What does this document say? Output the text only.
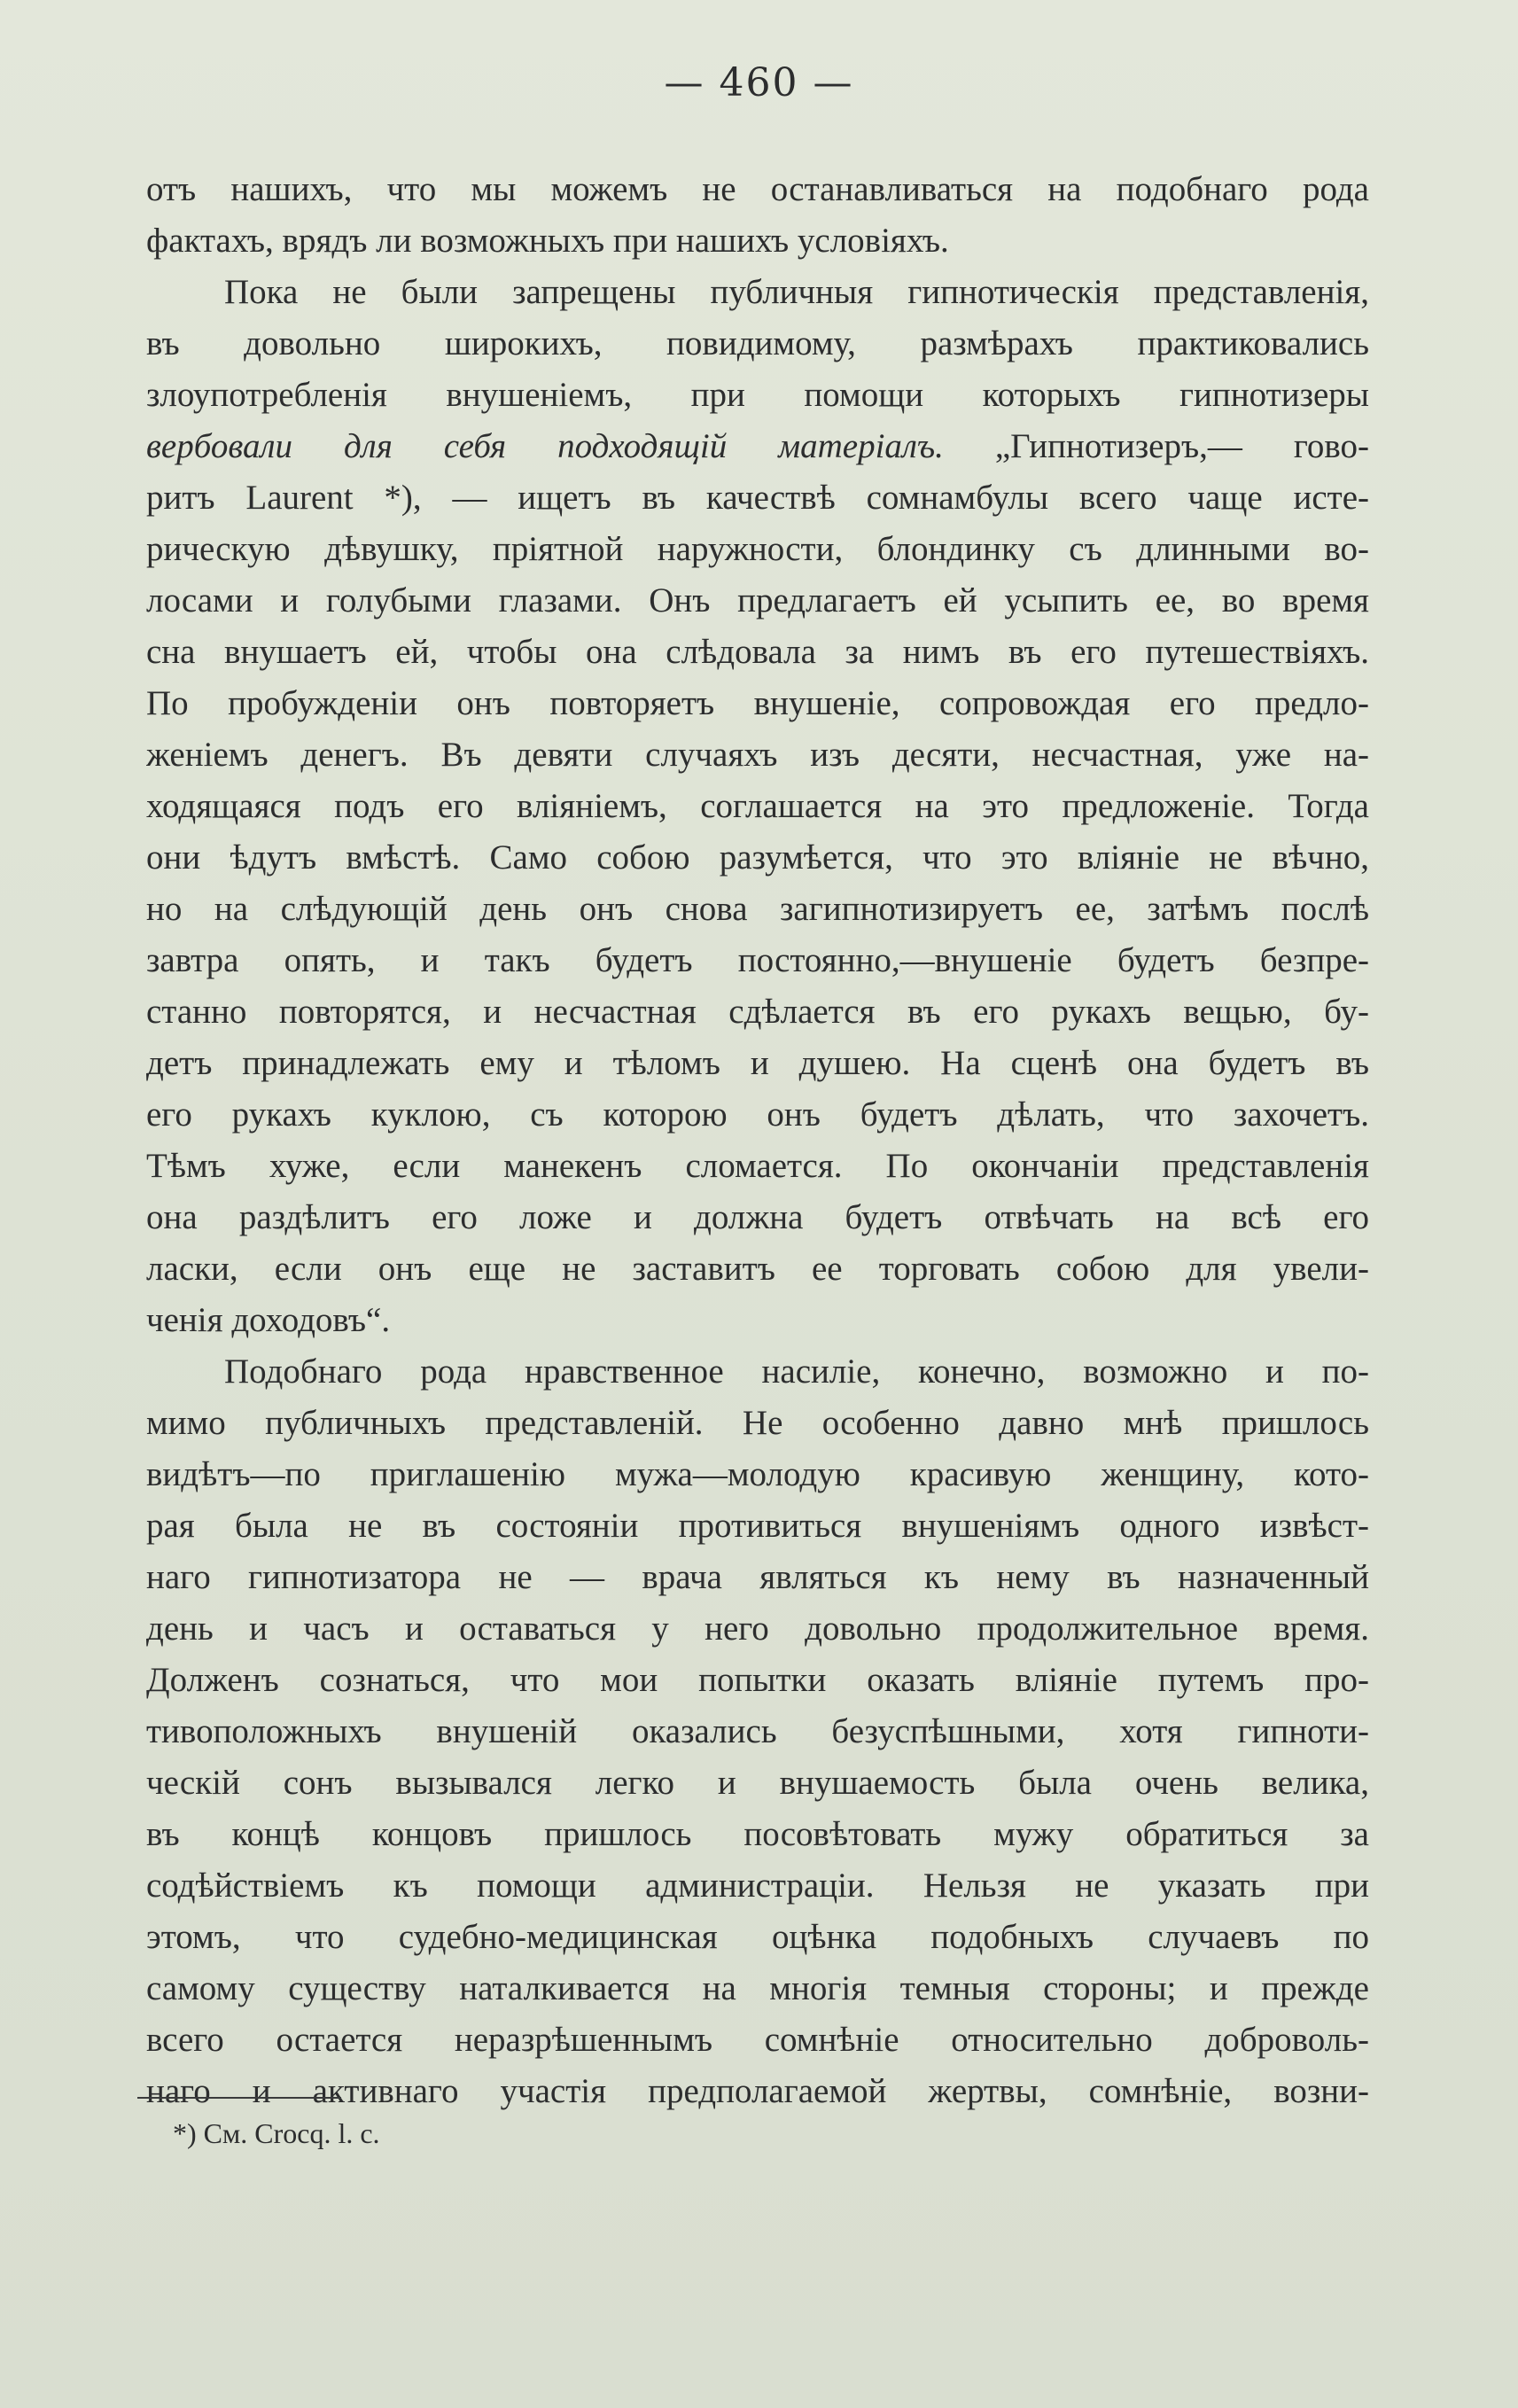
— 460 —
отъ нашихъ, что мы можемъ не останавливаться на подобнаго рода
фактахъ, врядъ ли возможныхъ при нашихъ условіяхъ.
Пока не были запрещены публичныя гипнотическія представленія,
въ довольно широкихъ, повидимому, размѣрахъ практиковались
злоупотребленія внушеніемъ, при помощи которыхъ гипнотизеры
вербовали для себя подходящій матеріалъ. „Гипнотизеръ,— гово-
ритъ Laurent *), — ищетъ въ качествѣ сомнамбулы всего чаще исте-
рическую дѣвушку, пріятной наружности, блондинку съ длинными во-
лосами и голубыми глазами. Онъ предлагаетъ ей усыпить ее, во время
сна внушаетъ ей, чтобы она слѣдовала за нимъ въ его путешествіяхъ.
По пробужденіи онъ повторяетъ внушеніе, сопровождая его предло-
женіемъ денегъ. Въ девяти случаяхъ изъ десяти, несчастная, уже на-
ходящаяся подъ его вліяніемъ, соглашается на это предложеніе. Тогда
они ѣдутъ вмѣстѣ. Само собою разумѣется, что это вліяніе не вѣчно,
но на слѣдующій день онъ снова загипнотизируетъ ее, затѣмъ послѣ
завтра опять, и такъ будетъ постоянно,—внушеніе будетъ безпре-
станно повторятся, и несчастная сдѣлается въ его рукахъ вещью, бу-
детъ принадлежать ему и тѣломъ и душею. На сценѣ она будетъ въ
его рукахъ куклою, съ которою онъ будетъ дѣлать, что захочетъ.
Тѣмъ хуже, если манекенъ сломается. По окончаніи представленія
она раздѣлитъ его ложе и должна будетъ отвѣчать на всѣ его
ласки, если онъ еще не заставитъ ее торговать собою для увели-
ченія доходовъ“.
Подобнаго рода нравственное насиліе, конечно, возможно и по-
мимо публичныхъ представленій. Не особенно давно мнѣ пришлось
видѣтъ—по приглашенію мужа—молодую красивую женщину, кото-
рая была не въ состояніи противиться внушеніямъ одного извѣст-
наго гипнотизатора не — врача являться къ нему въ назначенный
день и часъ и оставаться у него довольно продолжительное время.
Долженъ сознаться, что мои попытки оказать вліяніе путемъ про-
тивоположныхъ внушеній оказались безуспѣшными, хотя гипноти-
ческій сонъ вызывался легко и внушаемость была очень велика,
въ концѣ концовъ пришлось посовѣтовать мужу обратиться за
содѣйствіемъ къ помощи администраціи. Нельзя не указать при
этомъ, что судебно-медицинская оцѣнка подобныхъ случаевъ по
самому существу наталкивается на многія темныя стороны; и прежде
всего остается неразрѣшеннымъ сомнѣніе относительно доброволь-
наго и активнаго участія предполагаемой жертвы, сомнѣніе, возни-
*) См. Crocq. l. c.
